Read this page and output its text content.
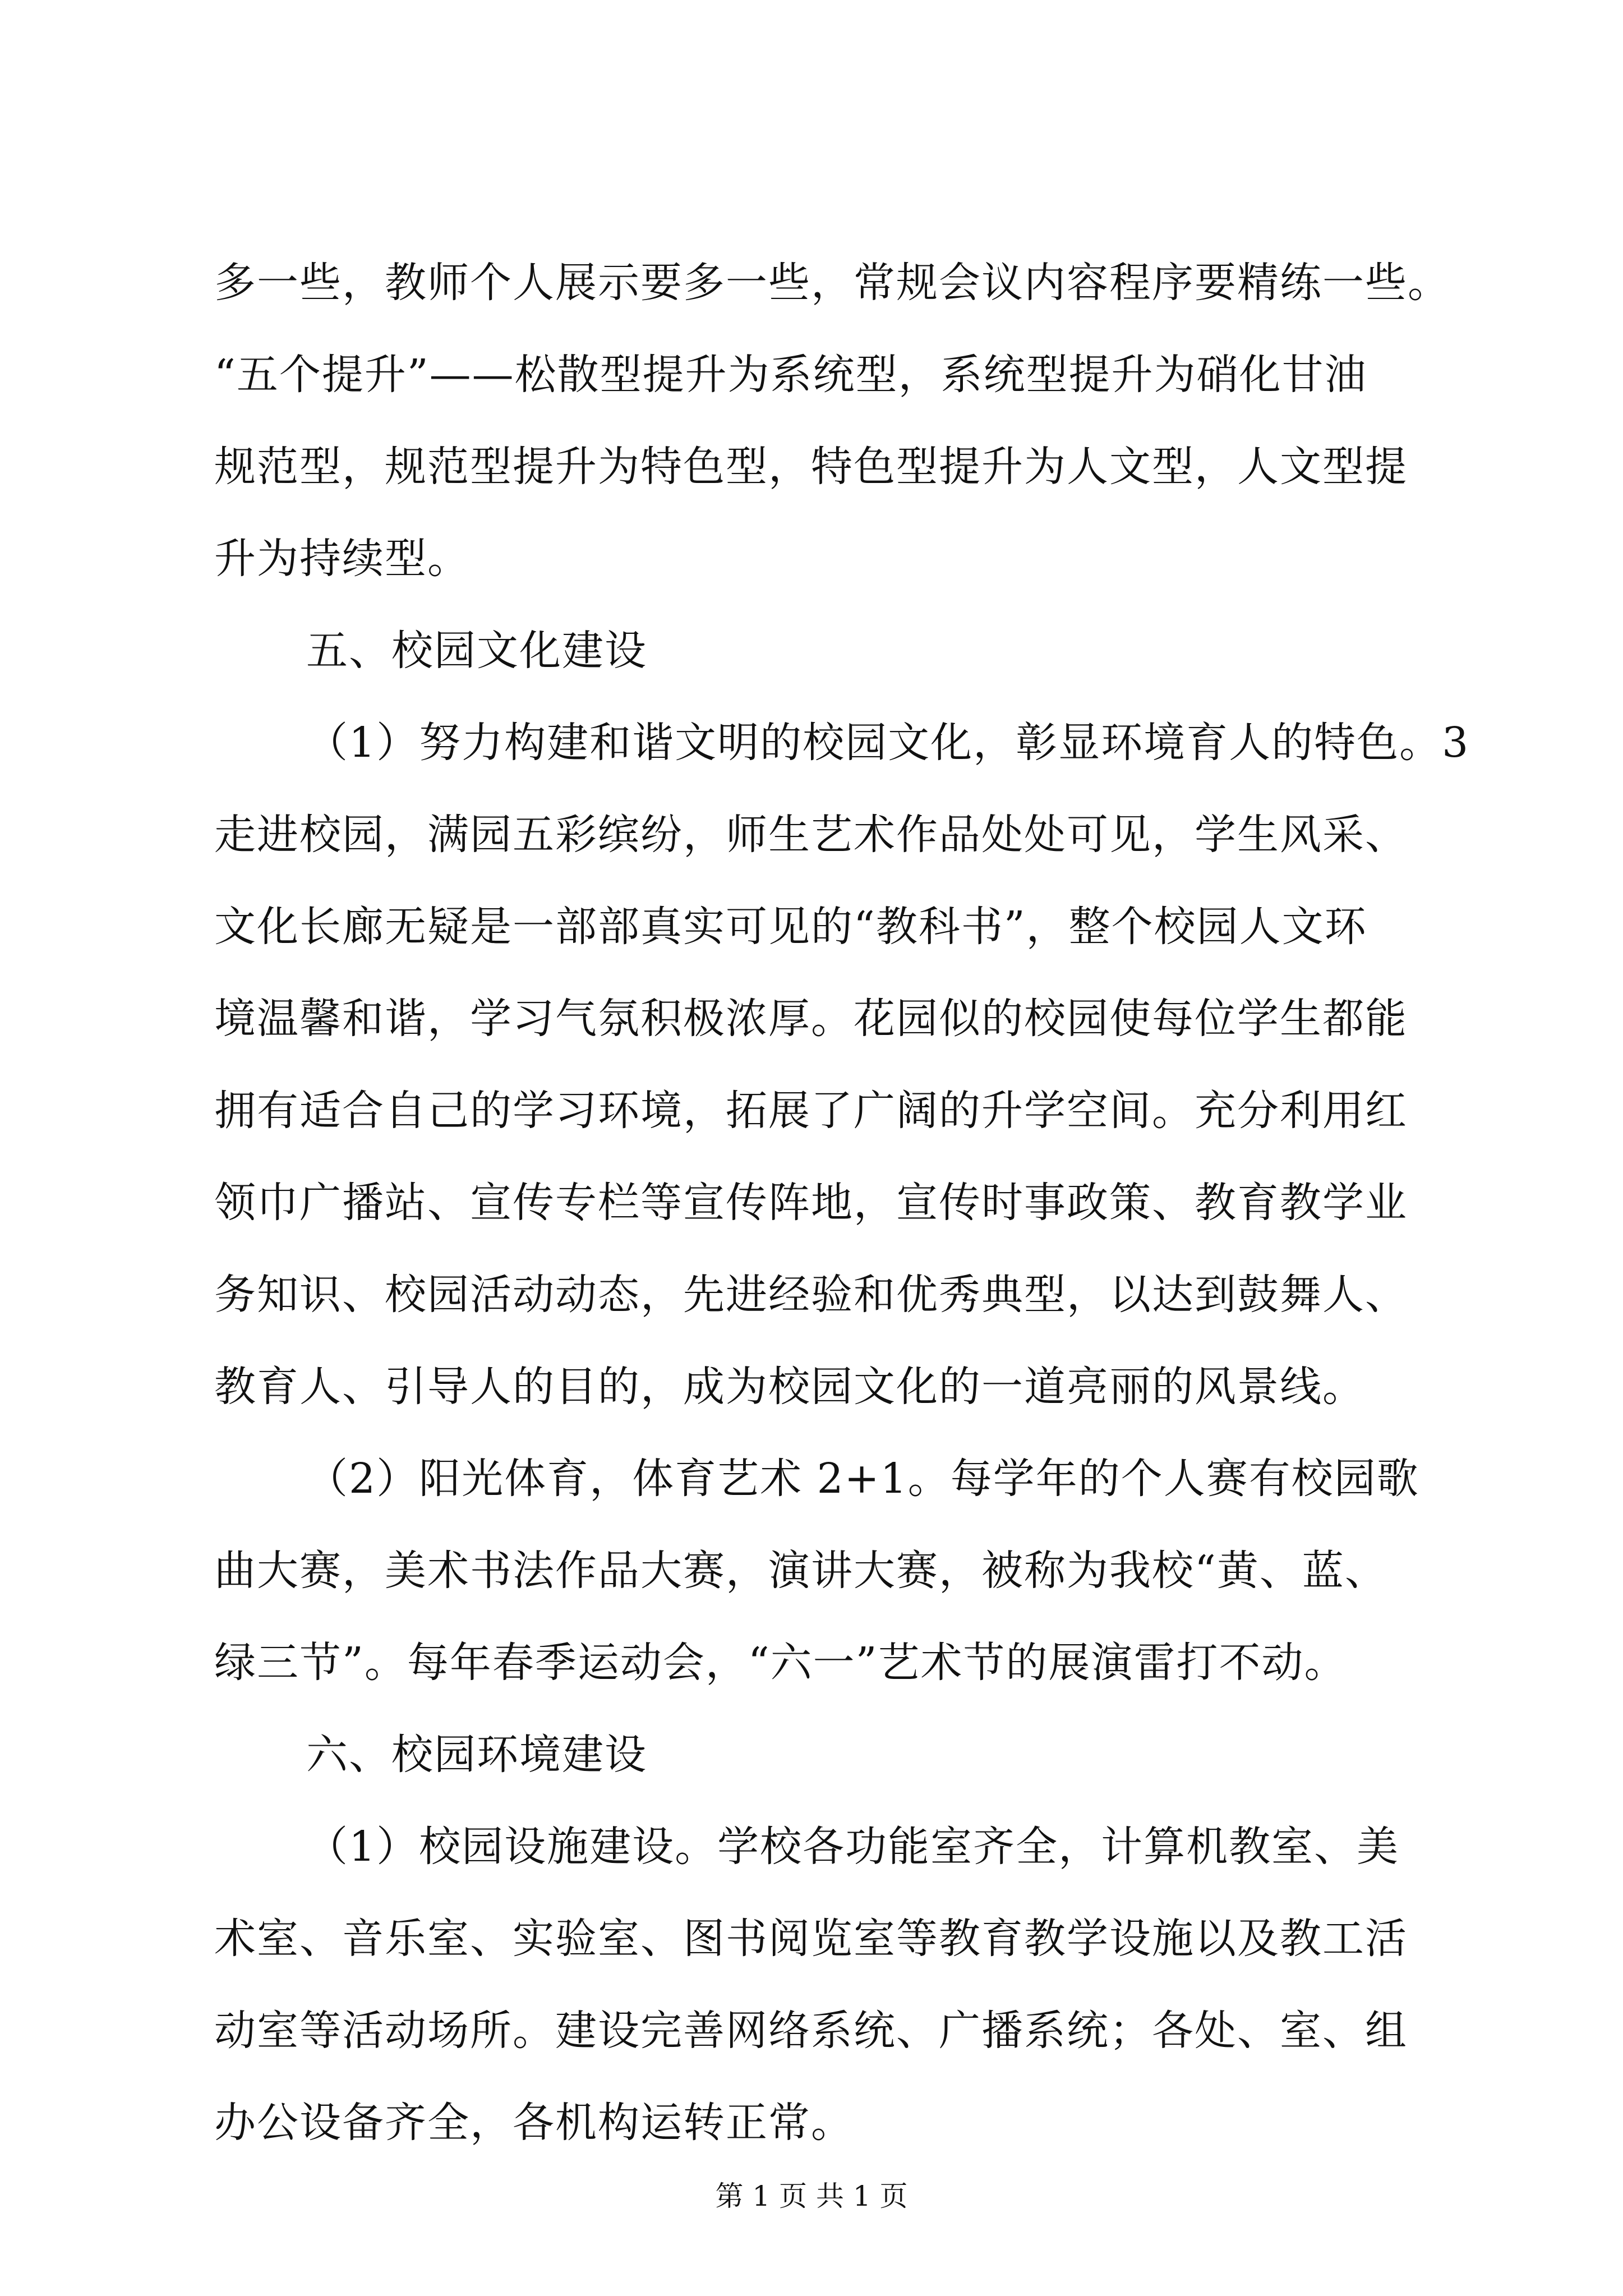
多一些，教师个人展示要多一些，常规会议内容程序要精练一些。
“五个提升”——松散型提升为系统型，系统型提升为硝化甘油
规范型，规范型提升为特色型，特色型提升为人文型，人文型提
升为持续型。
五、校园文化建设
（1）努力构建和谐文明的校园文化，彰显环境育人的特色。3
走进校园，满园五彩缤纷，师生艺术作品处处可见，学生风采、
文化长廊无疑是一部部真实可见的“教科书”，整个校园人文环
境温馨和谐，学习气氛积极浓厚。花园似的校园使每位学生都能
拥有适合自己的学习环境，拓展了广阔的升学空间。充分利用红
领巾广播站、宣传专栏等宣传阵地，宣传时事政策、教育教学业
务知识、校园活动动态，先进经验和优秀典型，以达到鼓舞人、
教育人、引导人的目的，成为校园文化的一道亮丽的风景线。
（2）阳光体育，体育艺术 2+1。每学年的个人赛有校园歌
曲大赛，美术书法作品大赛，演讲大赛，被称为我校“黄、蓝、
绿三节”。每年春季运动会，“六一”艺术节的展演雷打不动。
六、校园环境建设
（1）校园设施建设。学校各功能室齐全，计算机教室、美
术室、音乐室、实验室、图书阅览室等教育教学设施以及教工活
动室等活动场所。建设完善网络系统、广播系统；各处、室、组
办公设备齐全，各机构运转正常。
第 1 页 共 1 页
